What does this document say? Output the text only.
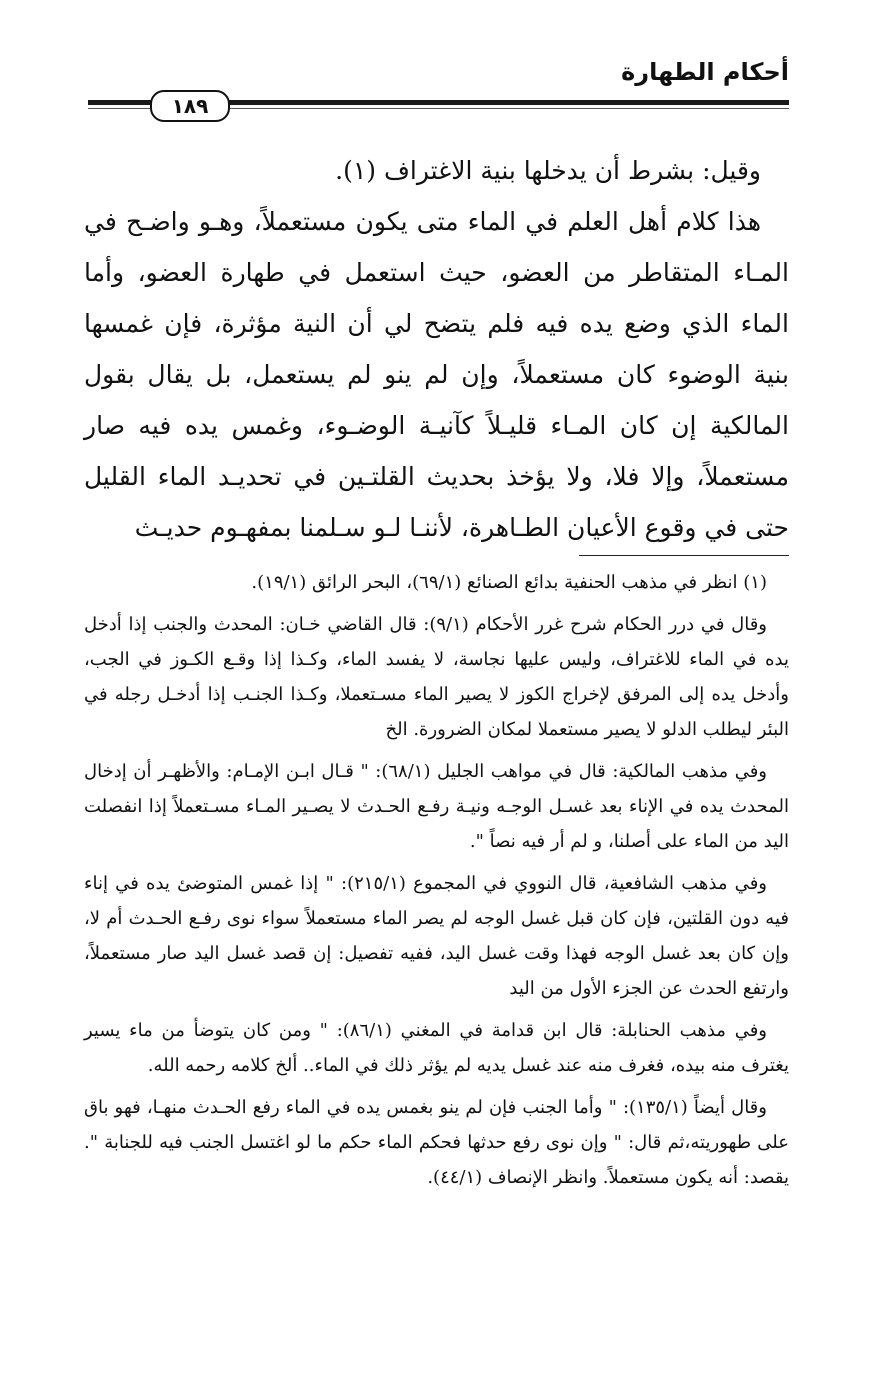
أحكام الطهارة
١٨٩

وقيل: بشرط أن يدخلها بنية الاغتراف (١).

هذا كلام أهل العلم في الماء متى يكون مستعملاً، وهـو واضـح في المـاء المتقاطر من العضو، حيث استعمل في طهارة العضو، وأما الماء الذي وضع يده فيه فلم يتضح لي أن النية مؤثرة، فإن غمسها بنية الوضوء كان مستعملاً، وإن لم ينو لم يستعمل، بل يقال بقول المالكية إن كان المـاء قليـلاً كآنيـة الوضـوء، وغمس يده فيه صار مستعملاً، وإلا فلا، ولا يؤخذ بحديث القلتـين في تحديـد الماء القليل حتى في وقوع الأعيان الطـاهرة، لأننـا لـو سـلمنا بمفهـوم حديـث

(١) انظر في مذهب الحنفية بدائع الصنائع (٦٩/١)، البحر الرائق (١٩/١).

وقال في درر الحكام شرح غرر الأحكام (٩/١): قال القاضي خـان: المحدث والجنب إذا أدخل يده في الماء للاغتراف، وليس عليها نجاسة، لا يفسد الماء، وكـذا إذا وقـع الكـوز في الجب، وأدخل يده إلى المرفق لإخراج الكوز لا يصير الماء مسـتعملا، وكـذا الجنـب إذا أدخـل رجله في البئر ليطلب الدلو لا يصير مستعملا لمكان الضرورة. الخ

وفي مذهب المالكية: قال في مواهب الجليل (٦٨/١): " قـال ابـن الإمـام: والأظهـر أن إدخال المحدث يده في الإناء بعد غسـل الوجـه ونيـة رفـع الحـدث لا يصـير المـاء مسـتعملاً إذا انفصلت اليد من الماء على أصلنا، و لم أر فيه نصاً ".

وفي مذهب الشافعية، قال النووي في المجموع (٢١٥/١): " إذا غمس المتوضئ يده في إناء فيه دون القلتين، فإن كان قبل غسل الوجه لم يصر الماء مستعملاً سواء نوى رفـع الحـدث أم لا، وإن كان بعد غسل الوجه فهذا وقت غسل اليد، ففيه تفصيل: إن قصد غسل اليد صار مستعملاً، وارتفع الحدث عن الجزء الأول من اليد

وفي مذهب الحنابلة: قال ابن قدامة في المغني (٨٦/١): " ومن كان يتوضأ من ماء يسير يغترف منه بيده، فغرف منه عند غسل يديه لم يؤثر ذلك في الماء.. ألخ كلامه رحمه الله.

وقال أيضاً (١٣٥/١): " وأما الجنب فإن لم ينو بغمس يده في الماء رفع الحـدث منهـا، فهو باق على طهوريته،ثم قال: " وإن نوى رفع حدثها فحكم الماء حكم ما لو اغتسل الجنب فيه للجنابة ". يقصد: أنه يكون مستعملاً. وانظر الإنصاف (٤٤/١).
